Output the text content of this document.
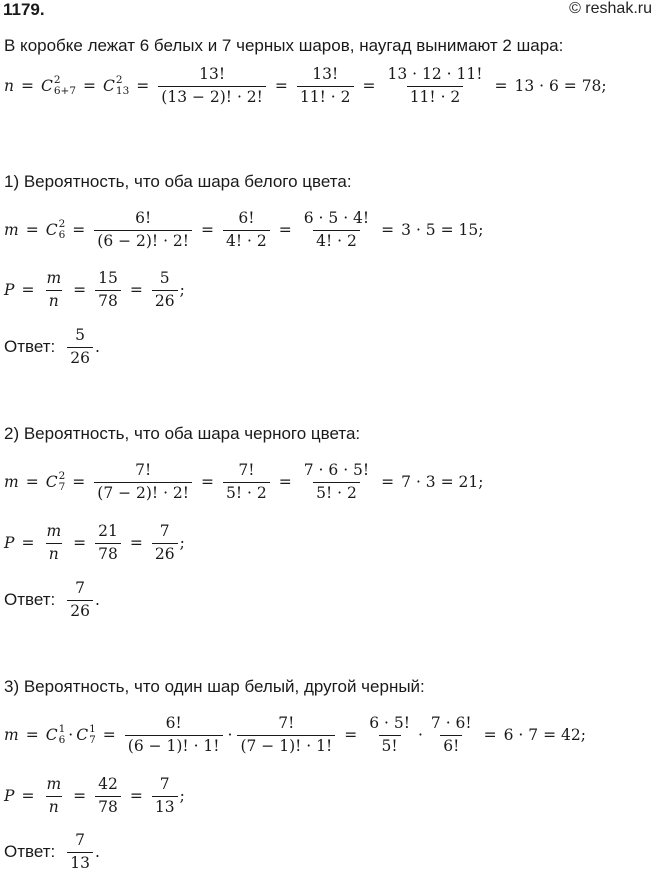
1179.	© reshak.ru
В коробке лежат 6 белых и 7 черных шаров, наугад вынимают 2 шара:
n = C 2
6+7 = C 2
$13 = \frac{13!}{(13 - 2)! \cdot 2!} = \frac{13!}{11! \cdot 2} = \frac{13 \cdot 12 \cdot 11!}{11! \cdot 2} = 13 \cdot 6 = 78$;
1) Вероятность, что оба шара белого цвета:
m = C 2
$6 = \frac{6!}{(6 - 2)! \cdot 2!} = \frac{6!}{4! \cdot 2} = \frac{6 \cdot 5 \cdot 4!}{4! \cdot 2} = 3 \cdot 5 = 15$;
$P = \frac{m}{n} = \frac{15}{78} = \frac{5}{26}$ ;
Ответ: $\frac{5}{26}$ .
2) Вероятность, что оба шара черного цвета:
m = C 2
$7 = \frac{7!}{(7 - 2)! \cdot 2!} = \frac{7!}{5! \cdot 2} = \frac{7 \cdot 6 \cdot 5!}{5! \cdot 2} = 7 \cdot 3 = 21$;
$P = \frac{m}{n} = \frac{21}{78} = \frac{7}{26}$ ;
Ответ: $\frac{7}{26}$ .
3) Вероятность, что один шар белый, другой черный:
m = C 1
6 · C 1
$7 = \frac{6!}{(6 - 1)! \cdot 1!} \cdot \frac{7!}{(7 - 1)! \cdot 1!} = \frac{6 \cdot 5!}{5!} \cdot \frac{7 \cdot 6!}{6!} = 6 \cdot 7 = 42$;
$P = \frac{m}{n} = \frac{42}{78} = \frac{7}{13}$ ;
Ответ: $\frac{7}{13}$ .
